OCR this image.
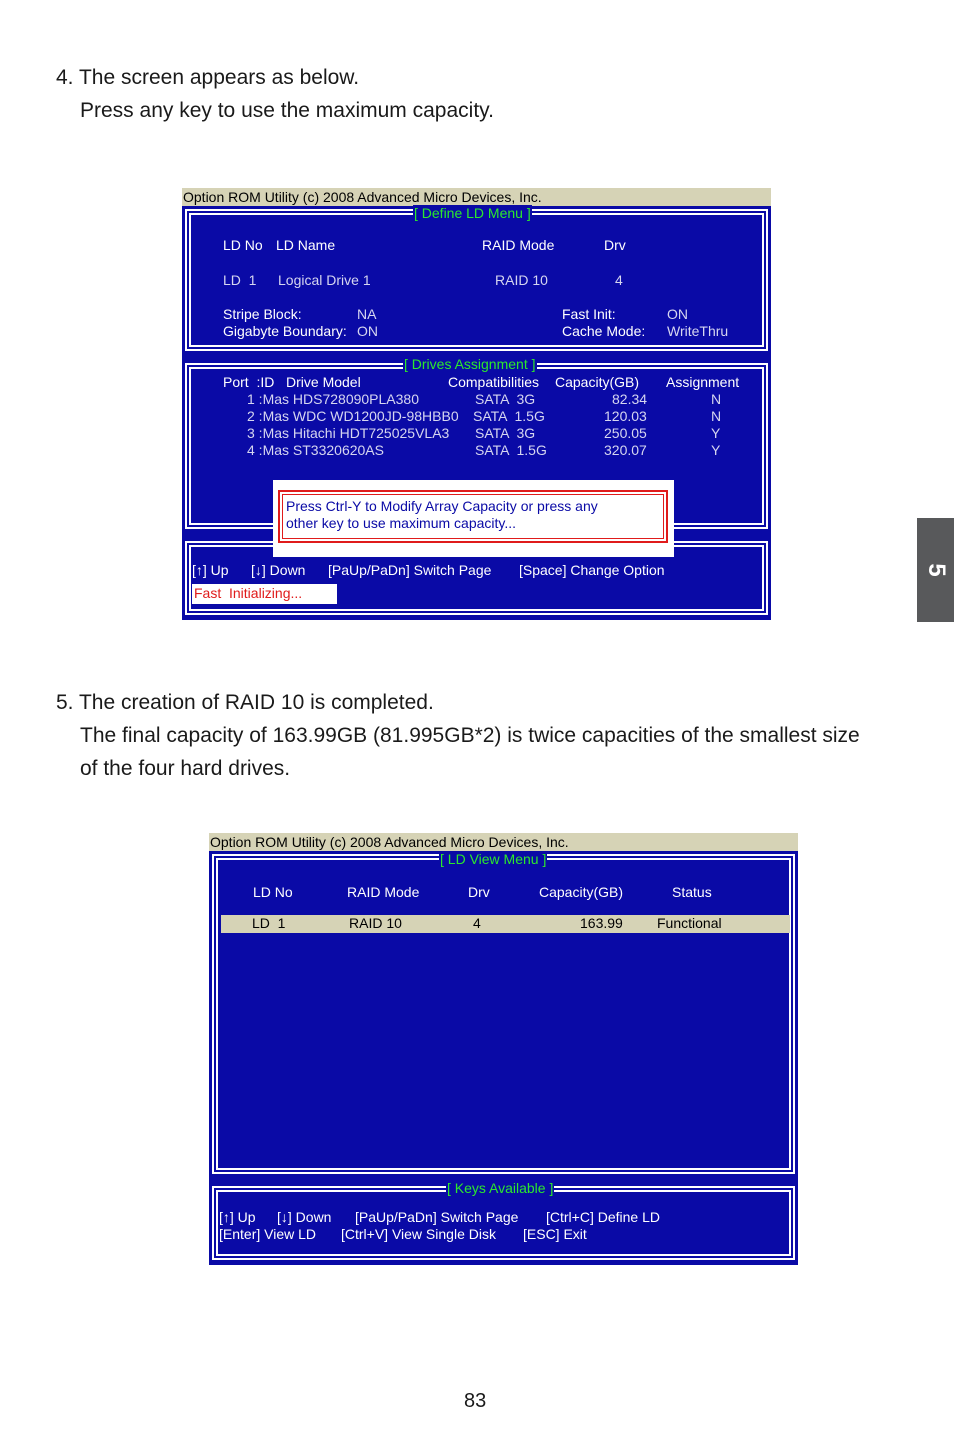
4. The screen appears as below.
Press any key to use the maximum capacity.
5
Option ROM Utility (c) 2008 Advanced Micro Devices, Inc.
[ Define LD Menu ]
LD No LD Name	RAID Mode	Drv
LD  1 Logical Drive 1	RAID 10	4
Stripe Block:	NA
Gigabyte Boundary: ON
Fast Init:	ON
Cache Mode: WriteThru
[ Drives Assignment ]
Port  :ID   Drive Model	Compatibilities Capacity(GB) Assignment
1 :Mas HDS728090PLA380	SATA  3G	82.34	N
2 :Mas WDC WD1200JD-98HBB0 SATA  1.5G	120.03	N
3 :Mas Hitachi HDT725025VLA3 SATA  3G	250.05	Y
4 :Mas ST3320620AS	SATA  1.5G	320.07	Y
[↑] Up [↓] Down [PaUp/PaDn] Switch Page [Space] Change Option
Fast  Initializing...
Press Ctrl-Y to Modify Array Capacity or press any
other key to use maximum capacity...
5. The creation of RAID 10 is completed.
The final capacity of 163.99GB (81.995GB*2) is twice capacities of the smallest size
of the four hard drives.
Option ROM Utility (c) 2008 Advanced Micro Devices, Inc.
[ LD View Menu ]
LD No	RAID Mode	Drv	Capacity(GB)	Status
LD  1	RAID 10	4	163.99 Functional
[ Keys Available ]
[↑] Up [↓] Down [PaUp/PaDn] Switch Page [Ctrl+C] Define LD
[Enter] View LD [Ctrl+V] View Single Disk [ESC] Exit
83
